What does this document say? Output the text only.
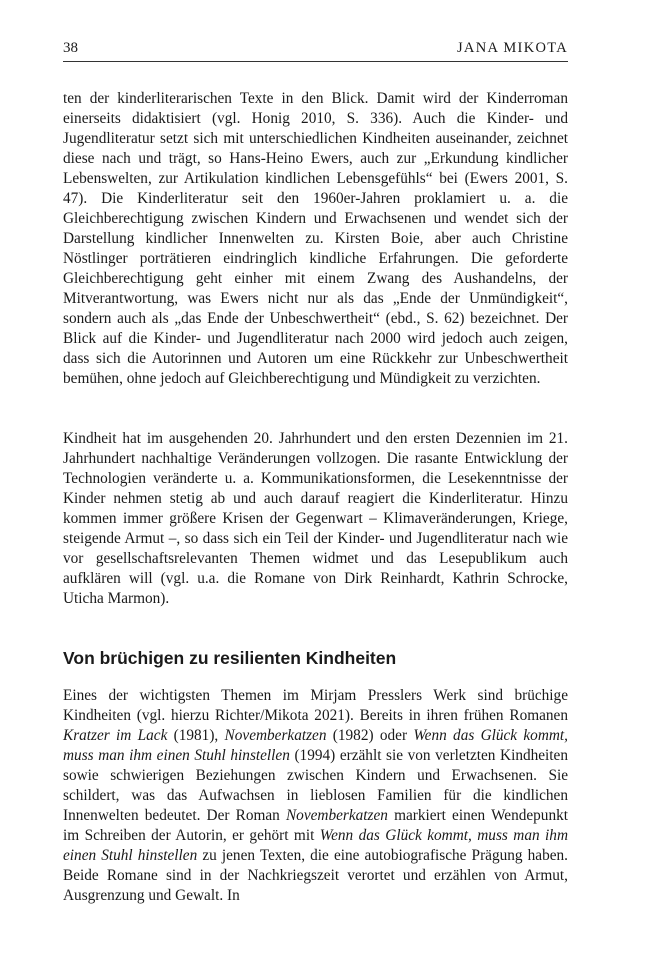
38	JANA MIKOTA

ten der kinderliterarischen Texte in den Blick. Damit wird der Kinderroman einerseits didaktisiert (vgl. Honig 2010, S. 336). Auch die Kinder- und Jugendliteratur setzt sich mit unterschiedlichen Kindheiten auseinander, zeichnet diese nach und trägt, so Hans-Heino Ewers, auch zur „Erkundung kindlicher Lebenswelten, zur Artikulation kindlichen Lebensgefühls“ bei (Ewers 2001, S. 47). Die Kinderliteratur seit den 1960er-Jahren proklamiert u. a. die Gleichberechtigung zwischen Kindern und Erwachsenen und wendet sich der Darstellung kindlicher Innenwelten zu. Kirsten Boie, aber auch Christine Nöstlinger porträtieren eindringlich kindliche Erfahrungen. Die geforderte Gleichberechtigung geht einher mit einem Zwang des Aushandelns, der Mitverantwortung, was Ewers nicht nur als das „Ende der Unmündigkeit“, sondern auch als „das Ende der Unbeschwertheit“ (ebd., S. 62) bezeichnet. Der Blick auf die Kinder- und Jugendliteratur nach 2000 wird jedoch auch zeigen, dass sich die Autorinnen und Autoren um eine Rückkehr zur Unbeschwertheit bemühen, ohne jedoch auf Gleichberechtigung und Mündigkeit zu verzichten.

Kindheit hat im ausgehenden 20. Jahrhundert und den ersten Dezennien im 21. Jahrhundert nachhaltige Veränderungen vollzogen. Die rasante Entwicklung der Technologien veränderte u. a. Kommunikationsformen, die Lesekenntnisse der Kinder nehmen stetig ab und auch darauf reagiert die Kinderliteratur. Hinzu kommen immer größere Krisen der Gegenwart – Klimaveränderungen, Kriege, steigende Armut –, so dass sich ein Teil der Kinder- und Jugendliteratur nach wie vor gesellschaftsrelevanten Themen widmet und das Lesepublikum auch aufklären will (vgl. u.a. die Romane von Dirk Reinhardt, Kathrin Schrocke, Uticha Marmon).

Von brüchigen zu resilienten Kindheiten

Eines der wichtigsten Themen im Mirjam Presslers Werk sind brüchige Kindheiten (vgl. hierzu Richter/Mikota 2021). Bereits in ihren frühen Romanen Kratzer im Lack (1981), Novemberkatzen (1982) oder Wenn das Glück kommt, muss man ihm einen Stuhl hinstellen (1994) erzählt sie von verletzten Kindheiten sowie schwierigen Beziehungen zwischen Kindern und Erwachsenen. Sie schildert, was das Aufwachsen in lieblosen Familien für die kindlichen Innenwelten bedeutet. Der Roman Novemberkatzen markiert einen Wendepunkt im Schreiben der Autorin, er gehört mit Wenn das Glück kommt, muss man ihm einen Stuhl hinstellen zu jenen Texten, die eine autobiografische Prägung haben. Beide Romane sind in der Nachkriegszeit verortet und erzählen von Armut, Ausgrenzung und Gewalt. In
